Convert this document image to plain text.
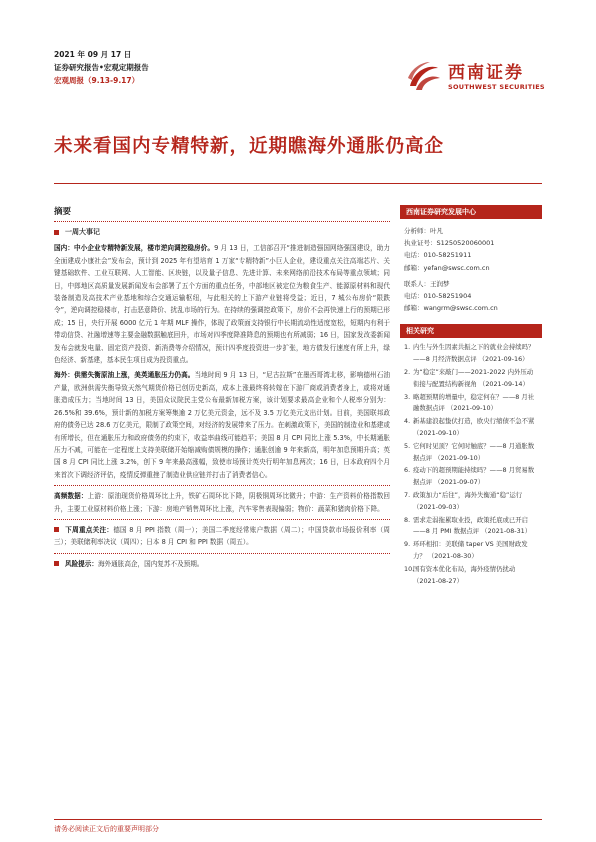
2021 年 09 月 17 日
证券研究报告•宏观定期报告
宏观周报（9.13-9.17）	西南证券
SOUTHWEST SECURITIES
未来看国内专精特新，近期瞧海外通胀仍高企
摘要
一周大事记
国内：中小企业专精特新发展，楼市逆向调控稳房价。9 月 13 日，工信部召开“推进制造强国网络强国建设，助力全面建成小康社会”发布会，预计到 2025 年有望培育 1 万家“专精特新”小巨人企业，建设重点关注高端芯片、关键基础软件、工业互联网、人工智能、区块链，以及量子信息、先进计算、未来网络前沿技术布局等重点领域；同日，中郎地区高质量发展新闻发布会部署了五个方面的重点任务，中部地区被定位为粮食生产、能源原材料和现代装备制造及高技术产业基地和综合交通运输枢纽，与此相关的上下游产业链将受益；近日，7 城公布房价“限跌令”，逆向调控稳楼市，打击恶意降价、扰乱市场的行为。在持续的强调控政策下，房价不会再快速上行的预期已形成；15 日，央行开展 6000 亿元 1 年期 MLF 操作，体现了政策面支持银行中长期流动性适度宽松，短期内有利于带动信贷、社融增速等主要金融数据触底回升，市场对四季度降准降息的预期也有所减弱；16 日，国家发改委新闻发布会就发电量、固定资产投资、新消费等介绍情况，预计四季度投资进一步扩张，地方债发行速度有所上升，绿色经济、新基建，基本民生项目成为投资重点。
海外：供需失衡原油上涨，美英通胀压力仍高。当地时间 9 月 13 日，“尼古拉斯”在墨西哥湾北移，影响德州石油产量，欧洲供需失衡导致天然气期货价格已创历史新高，成本上涨最终将转嫁在下游厂商或消费者身上，或将对通胀造成压力；当地时间 13 日，美国众议院民主党公布最新加税方案，该计划要求最高企业和个人税率分别为：26.5%和 39.6%，预计新的加税方案筹集逾 2 万亿美元资金，远不及 3.5 万亿美元支出计划。目前，美国联邦政府的债务已达 28.6 万亿美元，限制了政策空间，对经济的发展带来了压力。在刺激政策下，美国的制造业和基建或有所增长，但在通胀压力和政府债务的约束下，收益率曲线可能趋平；美国 8 月 CPI 同比上涨 5.3%，中长期通胀压力不减，可能在一定程度上支持美联储开始缩减购债规模的操作；通胀创逾 9 年来新高，明年加息预期升高；英国 8 月 CPI 同比上涨 3.2%，创下 9 年来最高涨幅，致使市场预计英央行明年加息两次；16 日，日本政府四个月来首次下调经济评估，疫情反弹重挫了制造业供应链并打击了消费者信心。
高频数据：上游：原油现货价格周环比上升，铁矿石周环比下降，阴极铜周环比微升；中游：生产资料价格指数回升，主要工业原材料价格上涨；下游：房地产销售周环比上涨，汽车零售表现偏弱；物价：蔬菜和猪肉价格下降。
下周重点关注：德国 8 月 PPI 指数（周一）；美国二季度经常账户数据（周二）；中国贷款市场报价利率（周三）；美联储利率决议（周四）；日本 8 月 CPI 和 PPI 数据（周五）。
风险提示：海外通胀高企，国内复苏不及预期。
西南证券研究发展中心
分析师： 叶凡
执业证号： S1250520060001
电话： 010-58251911
邮箱： yefan@swsc.com.cn
联系人： 王润梦
电话： 010-58251904
邮箱： wangrm@swsc.com.cn
相关研究
1. 内生与外生因素共振之下的就业会持续吗？——8 月经济数据点评 （2021-09-16）
2. 为“稳定”来敲门——2021-2022 内外压动衔接与配置结构新视角 （2021-09-14）
3. 略超预期的增量中，稳定何在？——8 月社融数据点评 （2021-09-10）
4. 新基建浪起蛰伏打造，欧央行缩债不急不紧 （2021-09-10）
5. 它何时见顶？它何时触底？——8 月通胀数据点评 （2021-09-10）
6. 疫动下的超预期能持续吗？——8 月贸易数据点评 （2021-09-07）
7. 政策加力“后往”，海外失衡通“稳”运行 （2021-09-03）
8. 需求走弱拖累取业投，政策托底或已开启——8 月 PMI 数据点评 （2021-08-31）
9. 环环相扣：美联储 taper VS 美国财政发力？ （2021-08-30）
10.
国有资本优化布局，海外疫情仍扰动 （2021-08-27）
请务必阅读正文后的重要声明部分
